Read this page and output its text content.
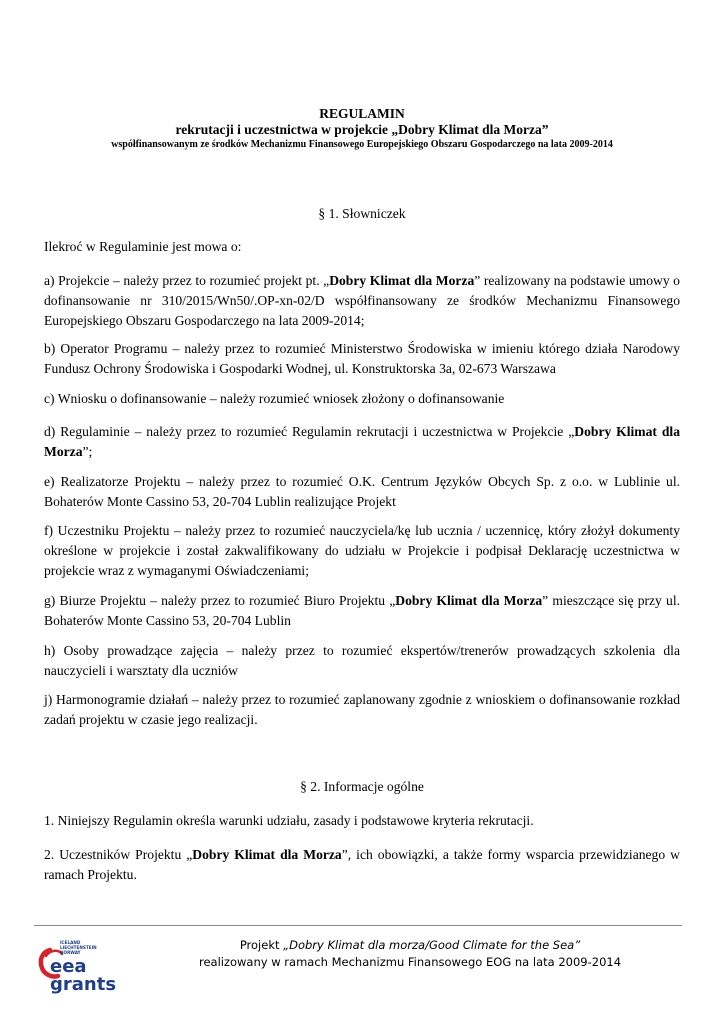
REGULAMIN
rekrutacji i uczestnictwa w projekcie „Dobry Klimat dla Morza”
współfinansowanym ze środków Mechanizmu Finansowego Europejskiego Obszaru Gospodarczego na lata 2009-2014
§ 1. Słowniczek
Ilekroć w Regulaminie jest mowa o:
a) Projekcie – należy przez to rozumieć projekt pt. „Dobry Klimat dla Morza” realizowany na podstawie umowy o dofinansowanie nr 310/2015/Wn50/.OP-xn-02/D współfinansowany ze środków Mechanizmu Finansowego Europejskiego Obszaru Gospodarczego na lata 2009-2014;
b) Operator Programu – należy przez to rozumieć Ministerstwo Środowiska w imieniu którego działa Narodowy Fundusz Ochrony Środowiska i Gospodarki Wodnej, ul. Konstruktorska 3a, 02-673 Warszawa
c) Wniosku o dofinansowanie – należy rozumieć wniosek złożony o dofinansowanie
d) Regulaminie – należy przez to rozumieć Regulamin rekrutacji i uczestnictwa w Projekcie „Dobry Klimat dla Morza”;
e) Realizatorze Projektu – należy przez to rozumieć O.K. Centrum Języków Obcych Sp. z o.o. w Lublinie ul. Bohaterów Monte Cassino 53, 20-704 Lublin realizujące Projekt
f) Uczestniku Projektu – należy przez to rozumieć nauczyciela/kę lub ucznia / uczennicę, który złożył dokumenty określone w projekcie i został zakwalifikowany do udziału w Projekcie i podpisał Deklarację uczestnictwa w projekcie wraz z wymaganymi Oświadczeniami;
g) Biurze Projektu – należy przez to rozumieć Biuro Projektu „Dobry Klimat dla Morza” mieszczące się przy ul. Bohaterów Monte Cassino 53, 20-704 Lublin
h) Osoby prowadzące zajęcia – należy przez to rozumieć ekspertów/trenerów prowadzących szkolenia dla nauczycieli i warsztaty dla uczniów
j) Harmonogramie działań – należy przez to rozumieć zaplanowany zgodnie z wnioskiem o dofinansowanie rozkład zadań projektu w czasie jego realizacji.
§ 2. Informacje ogólne
1. Niniejszy Regulamin określa warunki udziału, zasady i podstawowe kryteria rekrutacji.
2. Uczestników Projektu „Dobry Klimat dla Morza”, ich obowiązki, a także formy wsparcia przewidzianego w ramach Projektu.
ICELAND
LIECHTENSTEIN
NORWAY
eea
grants
Projekt „Dobry Klimat dla morza/Good Climate for the Sea”
realizowany w ramach Mechanizmu Finansowego EOG na lata 2009-2014
